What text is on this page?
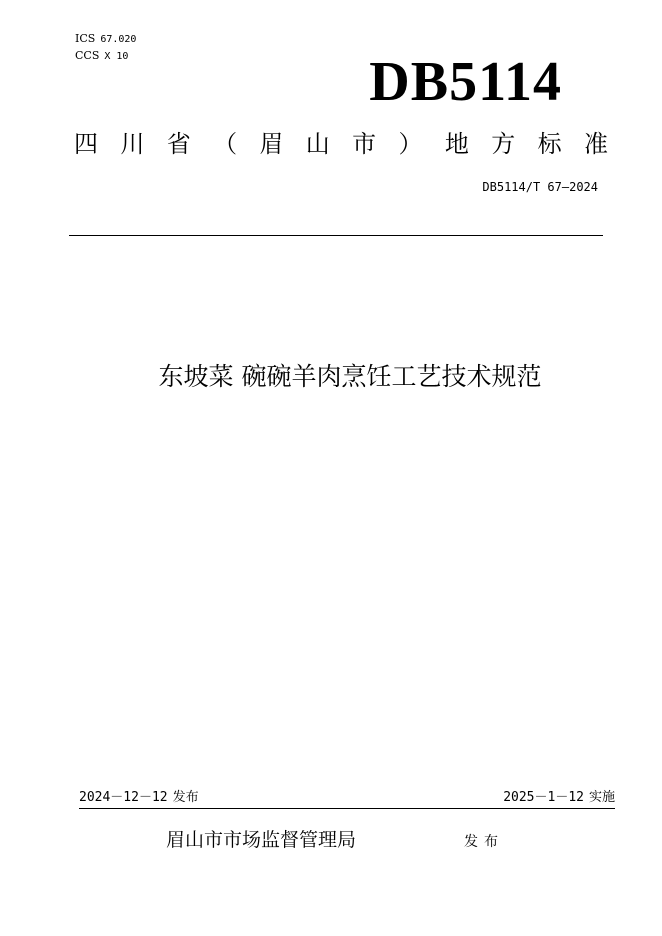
ICS 67.020
CCS X 10	DB5114
四 川 省 （ 眉 山 市 ） 地 方 标 准
DB5114/T 67—2024
东坡菜 碗碗羊肉烹饪工艺技术规范
2024－12－12 发布	2025－1－12 实施
眉山市市场监督管理局	发布
